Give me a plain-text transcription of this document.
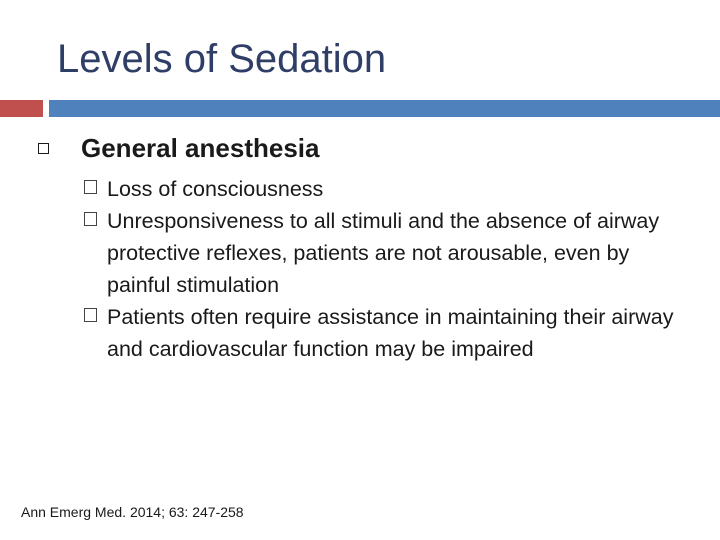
Levels of Sedation
General anesthesia
Loss of consciousness
Unresponsiveness to all stimuli and the absence of airway protective reflexes, patients are not arousable, even by painful stimulation
Patients often require assistance in maintaining their airway and cardiovascular function may be impaired
Ann Emerg Med. 2014; 63: 247-258
